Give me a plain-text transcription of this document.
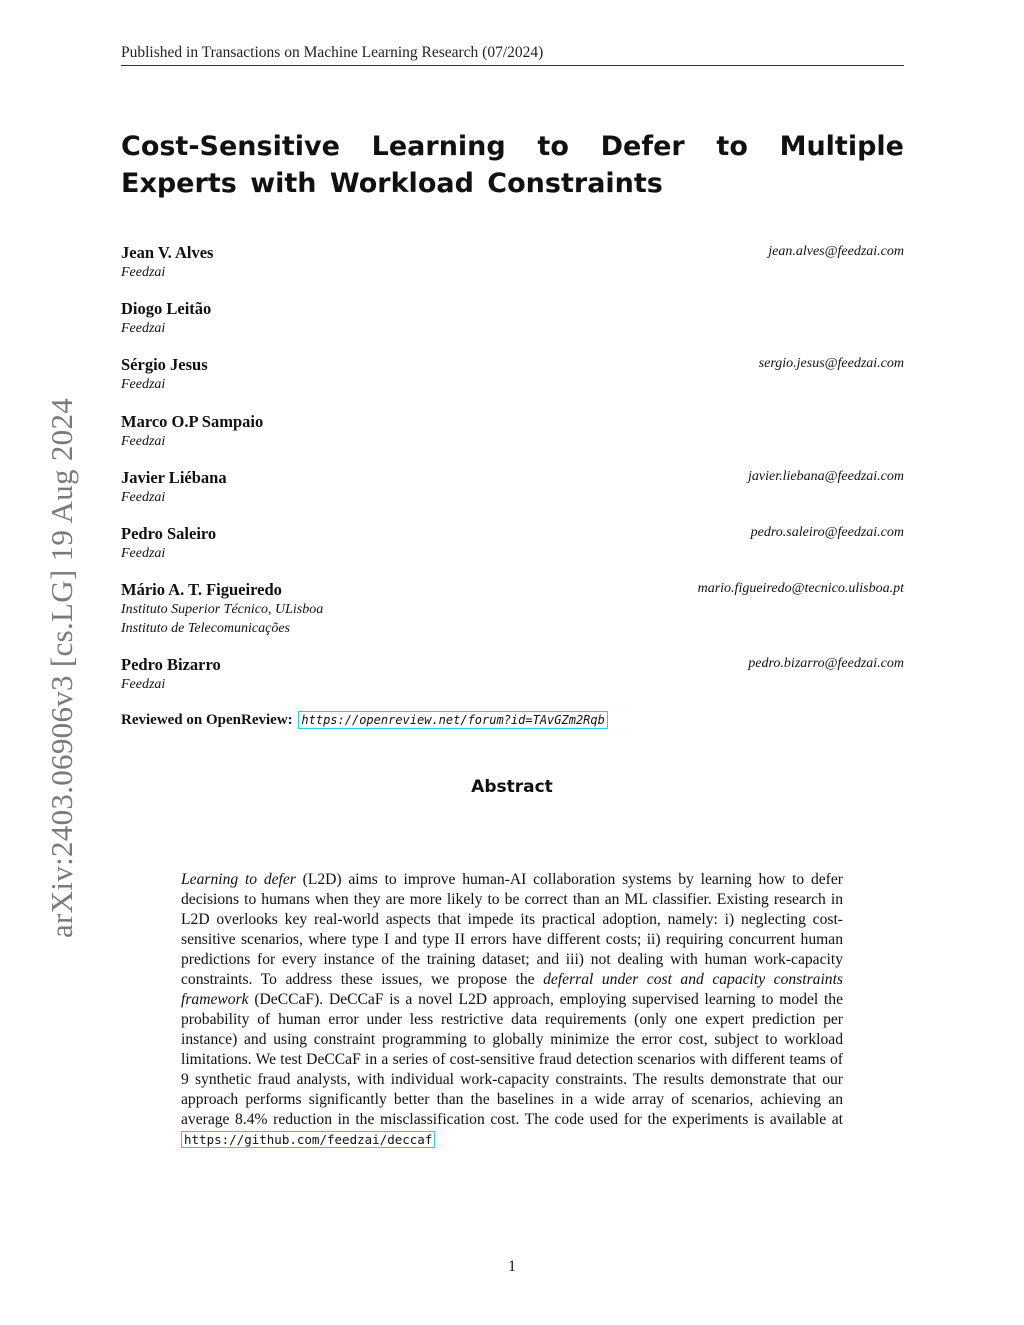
Published in Transactions on Machine Learning Research (07/2024)
arXiv:2403.06906v3 [cs.LG] 19 Aug 2024
Cost-Sensitive Learning to Defer to Multiple Experts with Workload Constraints
Jean V. Alves
Feedzai
jean.alves@feedzai.com
Diogo Leitão
Feedzai
Sérgio Jesus
Feedzai
sergio.jesus@feedzai.com
Marco O.P Sampaio
Feedzai
Javier Liébana
Feedzai
javier.liebana@feedzai.com
Pedro Saleiro
Feedzai
pedro.saleiro@feedzai.com
Mário A. T. Figueiredo
Instituto Superior Técnico, ULisboa
Instituto de Telecomunicações
mario.figueiredo@tecnico.ulisboa.pt
Pedro Bizarro
Feedzai
pedro.bizarro@feedzai.com
Reviewed on OpenReview: https://openreview.net/forum?id=TAvGZm2Rqb
Abstract
Learning to defer (L2D) aims to improve human-AI collaboration systems by learning how to defer decisions to humans when they are more likely to be correct than an ML classifier. Existing research in L2D overlooks key real-world aspects that impede its practical adoption, namely: i) neglecting cost-sensitive scenarios, where type I and type II errors have different costs; ii) requiring concurrent human predictions for every instance of the training dataset; and iii) not dealing with human work-capacity constraints. To address these issues, we propose the deferral under cost and capacity constraints framework (DeCCaF). DeCCaF is a novel L2D approach, employing supervised learning to model the probability of human error under less restrictive data requirements (only one expert prediction per instance) and using constraint programming to globally minimize the error cost, subject to workload limitations. We test DeCCaF in a series of cost-sensitive fraud detection scenarios with different teams of 9 synthetic fraud analysts, with individual work-capacity constraints. The results demonstrate that our approach performs significantly better than the baselines in a wide array of scenarios, achieving an average 8.4% reduction in the misclassification cost. The code used for the experiments is available at https://github.com/feedzai/deccaf
1
